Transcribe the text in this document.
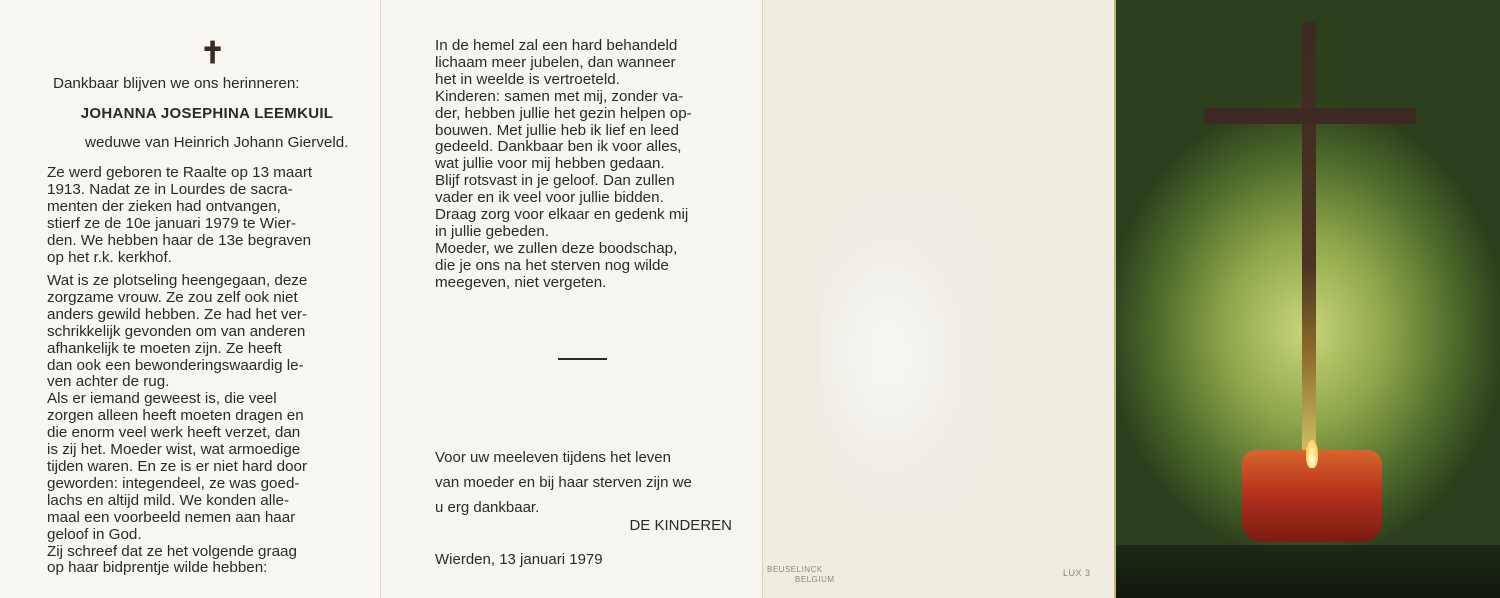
✝
Dankbaar blijven we ons herinneren:
JOHANNA JOSEPHINA LEEMKUIL
weduwe van Heinrich Johann Gierveld.
Ze werd geboren te Raalte op 13 maart
1913. Nadat ze in Lourdes de sacra-
menten der zieken had ontvangen,
stierf ze de 10e januari 1979 te Wier-
den. We hebben haar de 13e begraven
op het r.k. kerkhof.
Wat is ze plotseling heengegaan, deze
zorgzame vrouw. Ze zou zelf ook niet
anders gewild hebben. Ze had het ver-
schrikkelijk gevonden om van anderen
afhankelijk te moeten zijn. Ze heeft
dan ook een bewonderingswaardig le-
ven achter de rug.
Als er iemand geweest is, die veel
zorgen alleen heeft moeten dragen en
die enorm veel werk heeft verzet, dan
is zij het. Moeder wist, wat armoedige
tijden waren. En ze is er niet hard door
geworden: integendeel, ze was goed-
lachs en altijd mild. We konden alle-
maal een voorbeeld nemen aan haar
geloof in God.
Zij schreef dat ze het volgende graag
op haar bidprentje wilde hebben:
In de hemel zal een hard behandeld
lichaam meer jubelen, dan wanneer
het in weelde is vertroeteld.
Kinderen: samen met mij, zonder va-
der, hebben jullie het gezin helpen op-
bouwen. Met jullie heb ik lief en leed
gedeeld. Dankbaar ben ik voor alles,
wat jullie voor mij hebben gedaan.
Blijf rotsvast in je geloof. Dan zullen
vader en ik veel voor jullie bidden.
Draag zorg voor elkaar en gedenk mij
in jullie gebeden.
Moeder, we zullen deze boodschap,
die je ons na het sterven nog wilde
meegeven, niet vergeten.
Voor uw meeleven tijdens het leven
van moeder en bij haar sterven zijn we
u erg dankbaar.
DE KINDEREN
Wierden, 13 januari 1979
BEUSELINCK
BELGIUM
LUX 3
